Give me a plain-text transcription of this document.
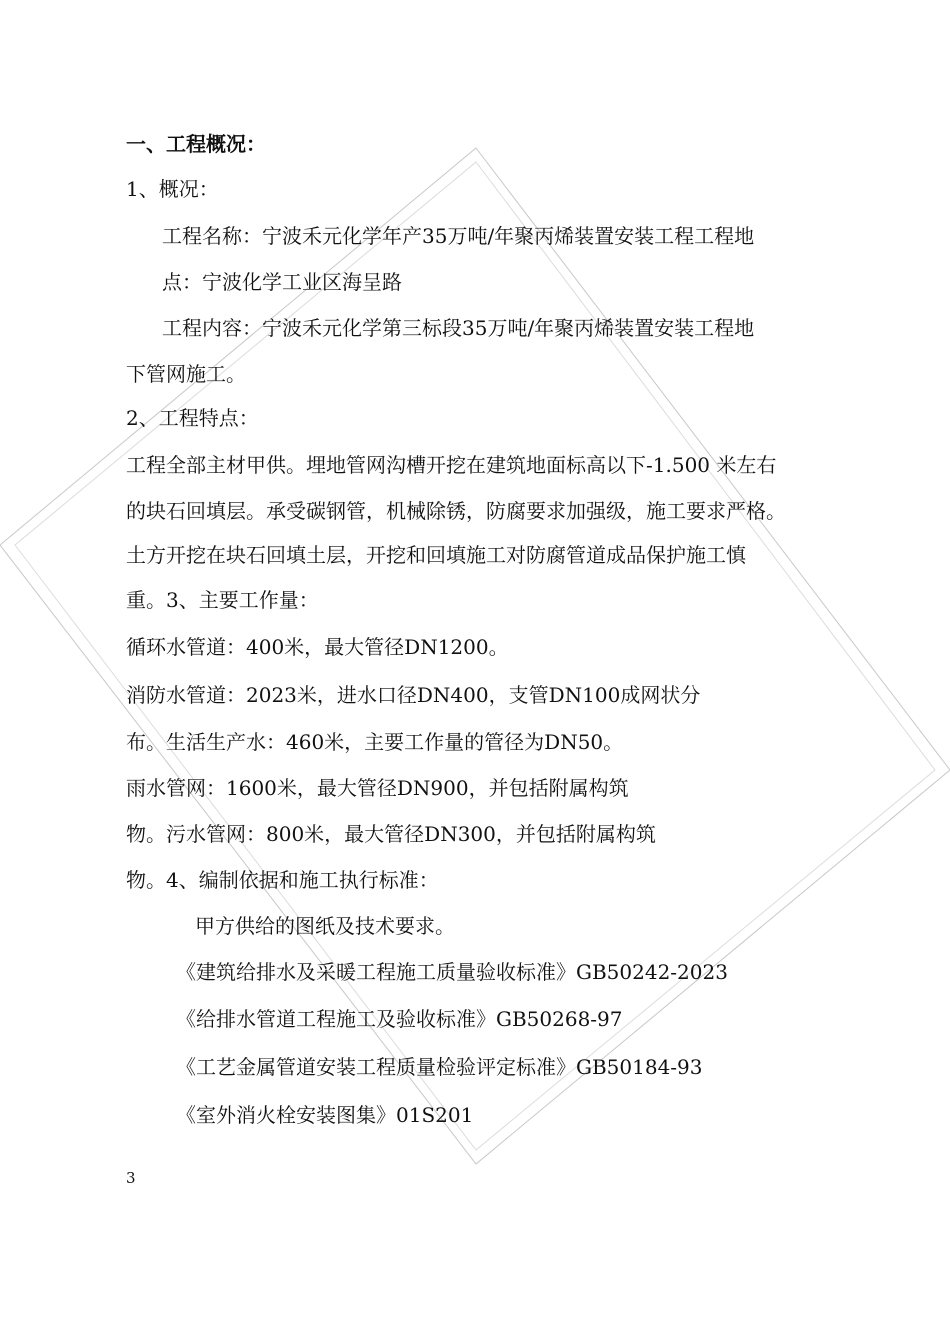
一、工程概况：
1、概况：
工程名称：宁波禾元化学年产35万吨/年聚丙烯装置安装工程工程地
点：宁波化学工业区海呈路
工程内容：宁波禾元化学第三标段35万吨/年聚丙烯装置安装工程地
下管网施工。
2、工程特点：
工程全部主材甲供。埋地管网沟槽开挖在建筑地面标高以下-1.500 米左右
的块石回填层。承受碳钢管，机械除锈，防腐要求加强级，施工要求严格。
土方开挖在块石回填土层，开挖和回填施工对防腐管道成品保护施工慎
重。3、主要工作量：
循环水管道：400米，最大管径DN1200。
消防水管道：2023米，进水口径DN400，支管DN100成网状分
布。生活生产水：460米，主要工作量的管径为DN50。
雨水管网：1600米，最大管径DN900，并包括附属构筑
物。污水管网：800米，最大管径DN300，并包括附属构筑
物。4、编制依据和施工执行标准：
甲方供给的图纸及技术要求。
《建筑给排水及采暖工程施工质量验收标准》GB50242-2023
《给排水管道工程施工及验收标准》GB50268-97
《工艺金属管道安装工程质量检验评定标准》GB50184-93
《室外消火栓安装图集》01S201
3
